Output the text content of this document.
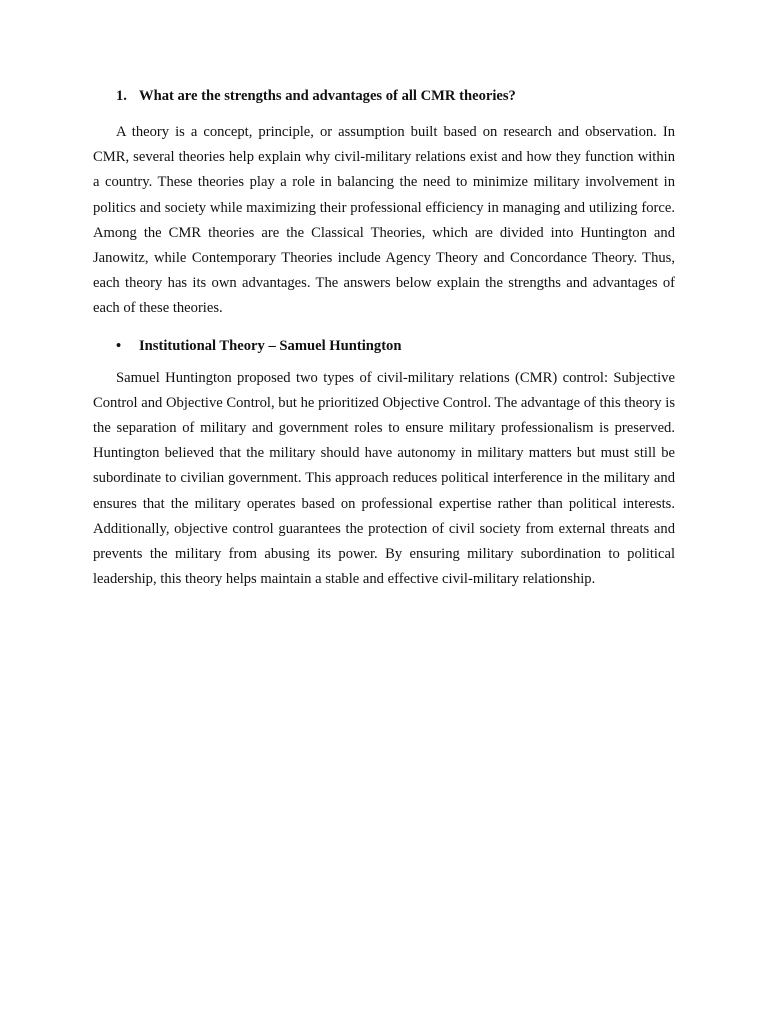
1. What are the strengths and advantages of all CMR theories?

A theory is a concept, principle, or assumption built based on research and observation. In CMR, several theories help explain why civil-military relations exist and how they function within a country. These theories play a role in balancing the need to minimize military involvement in politics and society while maximizing their professional efficiency in managing and utilizing force. Among the CMR theories are the Classical Theories, which are divided into Huntington and Janowitz, while Contemporary Theories include Agency Theory and Concordance Theory. Thus, each theory has its own advantages. The answers below explain the strengths and advantages of each of these theories.

• Institutional Theory – Samuel Huntington

Samuel Huntington proposed two types of civil-military relations (CMR) control: Subjective Control and Objective Control, but he prioritized Objective Control. The advantage of this theory is the separation of military and government roles to ensure military professionalism is preserved. Huntington believed that the military should have autonomy in military matters but must still be subordinate to civilian government. This approach reduces political interference in the military and ensures that the military operates based on professional expertise rather than political interests. Additionally, objective control guarantees the protection of civil society from external threats and prevents the military from abusing its power. By ensuring military subordination to political leadership, this theory helps maintain a stable and effective civil-military relationship.
